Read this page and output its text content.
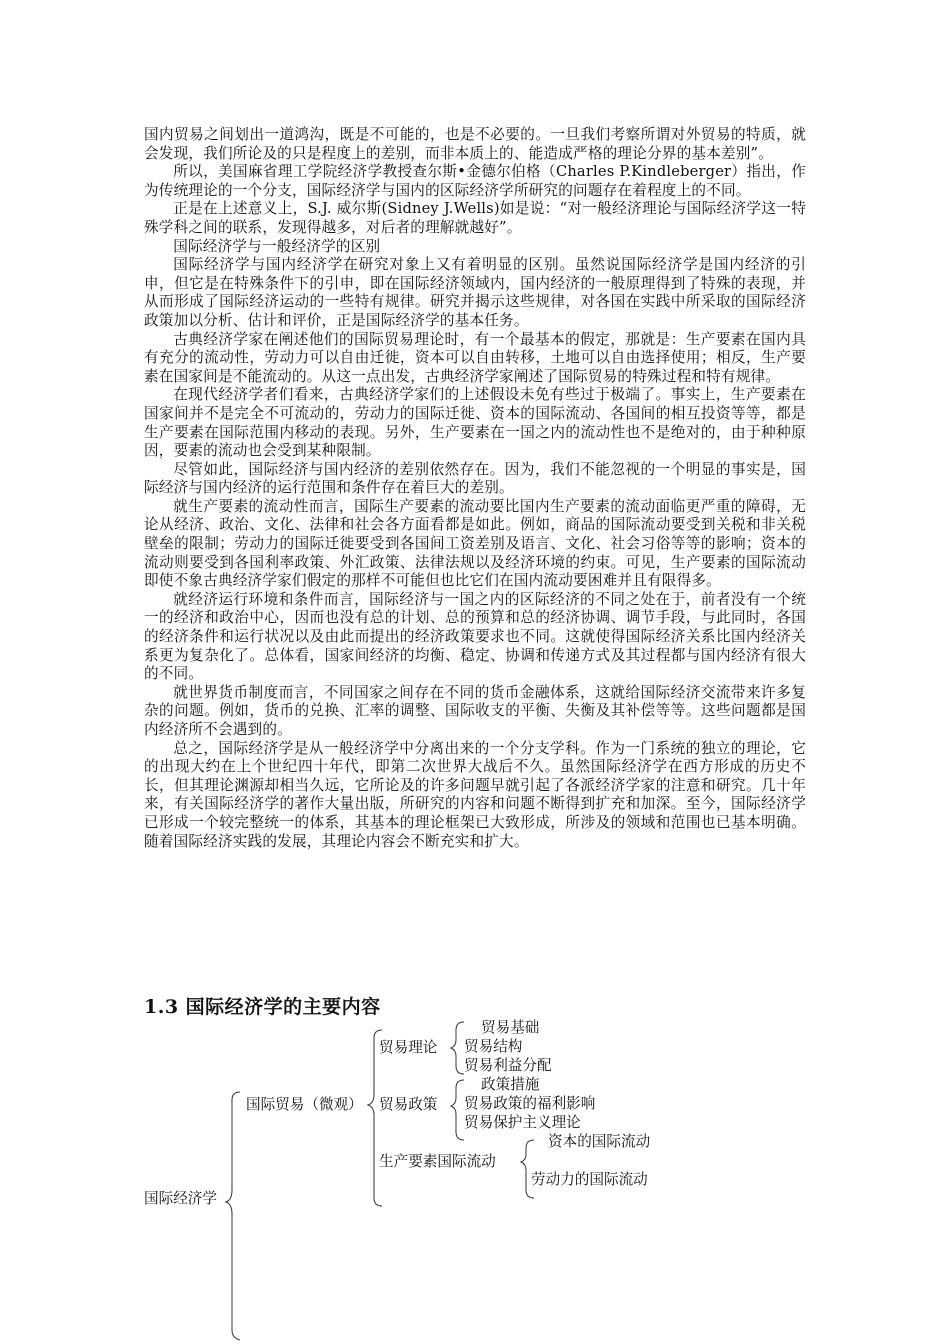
国内贸易之间划出一道鸿沟，既是不可能的，也是不必要的。一旦我们考察所谓对外贸易的特质，就会发现，我们所论及的只是程度上的差别，而非本质上的、能造成严格的理论分界的基本差别”。

所以，美国麻省理工学院经济学教授查尔斯•金德尔伯格（Charles P.Kindleberger）指出，作为传统理论的一个分支，国际经济学与国内的区际经济学所研究的问题存在着程度上的不同。

正是在上述意义上，S.J. 威尔斯(Sidney J.Wells)如是说：“对一般经济理论与国际经济学这一特殊学科之间的联系，发现得越多，对后者的理解就越好”。

国际经济学与一般经济学的区别

国际经济学与国内经济学在研究对象上又有着明显的区别。虽然说国际经济学是国内经济的引申，但它是在特殊条件下的引申，即在国际经济领域内，国内经济的一般原理得到了特殊的表现，并从而形成了国际经济运动的一些特有规律。研究并揭示这些规律，对各国在实践中所采取的国际经济政策加以分析、估计和评价，正是国际经济学的基本任务。

古典经济学家在阐述他们的国际贸易理论时，有一个最基本的假定，那就是：生产要素在国内具有充分的流动性，劳动力可以自由迁徙，资本可以自由转移，土地可以自由选择使用；相反，生产要素在国家间是不能流动的。从这一点出发，古典经济学家阐述了国际贸易的特殊过程和特有规律。

在现代经济学者们看来，古典经济学家们的上述假设未免有些过于极端了。事实上，生产要素在国家间并不是完全不可流动的，劳动力的国际迁徙、资本的国际流动、各国间的相互投资等等，都是生产要素在国际范围内移动的表现。另外，生产要素在一国之内的流动性也不是绝对的，由于种种原因，要素的流动也会受到某种限制。

尽管如此，国际经济与国内经济的差别依然存在。因为，我们不能忽视的一个明显的事实是，国际经济与国内经济的运行范围和条件存在着巨大的差别。

就生产要素的流动性而言，国际生产要素的流动要比国内生产要素的流动面临更严重的障碍，无论从经济、政治、文化、法律和社会各方面看都是如此。例如，商品的国际流动要受到关税和非关税壁垒的限制；劳动力的国际迁徙要受到各国间工资差别及语言、文化、社会习俗等等的影响；资本的流动则要受到各国利率政策、外汇政策、法律法规以及经济环境的约束。可见，生产要素的国际流动即使不象古典经济学家们假定的那样不可能但也比它们在国内流动要困难并且有限得多。

就经济运行环境和条件而言，国际经济与一国之内的区际经济的不同之处在于，前者没有一个统一的经济和政治中心，因而也没有总的计划、总的预算和总的经济协调、调节手段，与此同时，各国的经济条件和运行状况以及由此而提出的经济政策要求也不同。这就使得国际经济关系比国内经济关系更为复杂化了。总体看，国家间经济的均衡、稳定、协调和传递方式及其过程都与国内经济有很大的不同。

就世界货币制度而言，不同国家之间存在不同的货币金融体系，这就给国际经济交流带来许多复杂的问题。例如，货币的兑换、汇率的调整、国际收支的平衡、失衡及其补偿等等。这些问题都是国内经济所不会遇到的。

总之，国际经济学是从一般经济学中分离出来的一个分支学科。作为一门系统的独立的理论，它的出现大约在上个世纪四十年代，即第二次世界大战后不久。虽然国际经济学在西方形成的历史不长，但其理论渊源却相当久远，它所论及的许多问题早就引起了各派经济学家的注意和研究。几十年来，有关国际经济学的著作大量出版，所研究的内容和问题不断得到扩充和加深。至今，国际经济学已形成一个较完整统一的体系，其基本的理论框架已大致形成，所涉及的领域和范围也已基本明确。随着国际经济实践的发展，其理论内容会不断充实和扩大。

1.3 国际经济学的主要内容
国际经济学
国际贸易（微观）
贸易理论
贸易基础
贸易结构
贸易利益分配
贸易政策
政策措施
贸易政策的福利影响
贸易保护主义理论
生产要素国际流动
资本的国际流动
劳动力的国际流动
